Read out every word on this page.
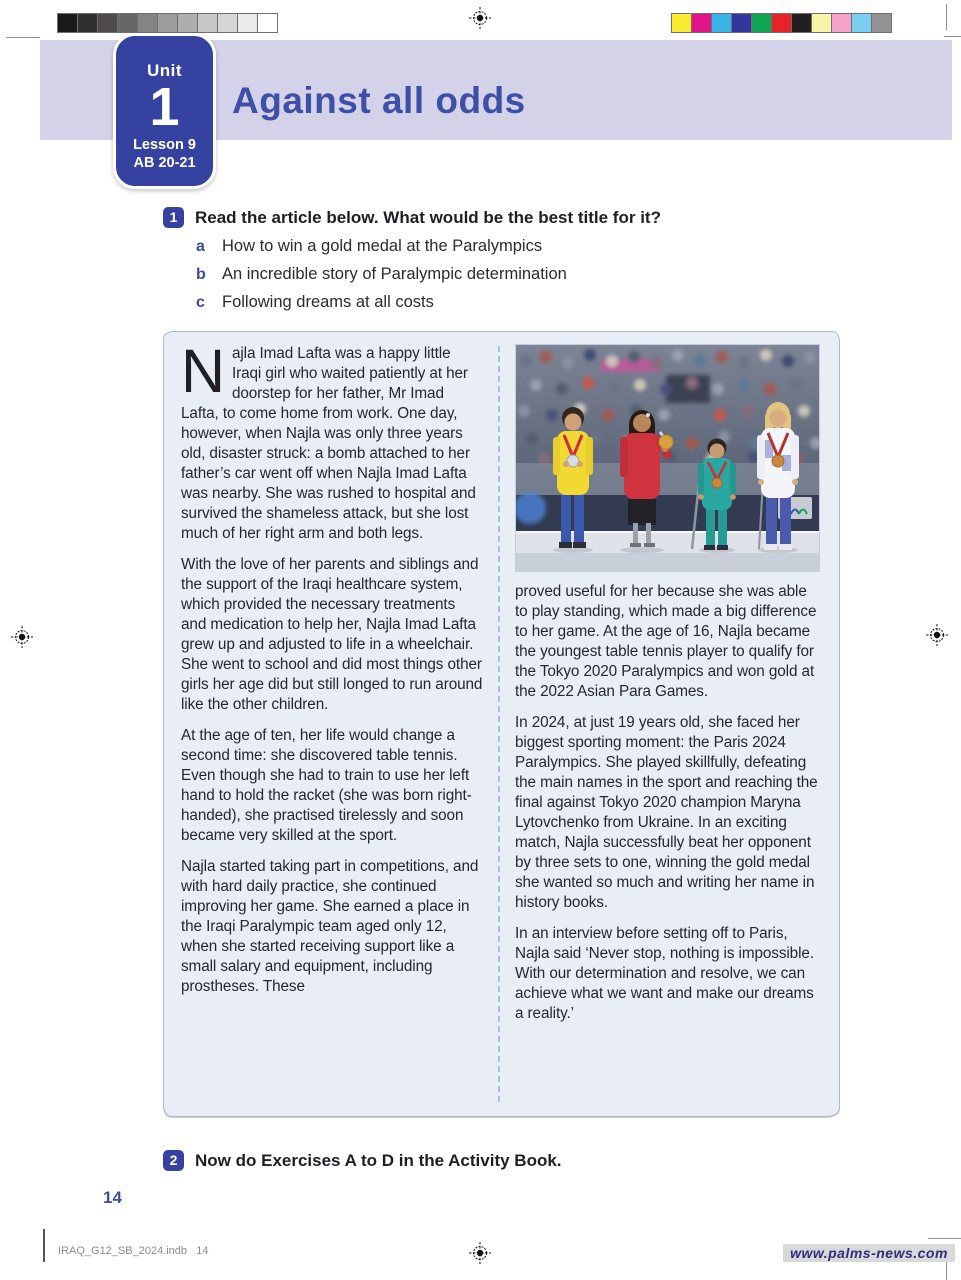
Unit
1
Lesson 9
AB 20-21
Against all odds
1	Read the article below. What would be the best title for it?
a	How to win a gold medal at the Paralympics
b An incredible story of Paralympic determination
c	Following dreams at all costs

Najla Imad Lafta was a happy little Iraqi girl who waited patiently at her doorstep for her father, Mr Imad Lafta, to come home from work. One day, however, when Najla was only three years old, disaster struck: a bomb attached to her father’s car went off when Najla Imad Lafta was nearby. She was rushed to hospital and survived the shameless attack, but she lost much of her right arm and both legs.

With the love of her parents and siblings and the support of the Iraqi healthcare system, which provided the necessary treatments and medication to help her, Najla Imad Lafta grew up and adjusted to life in a wheelchair. She went to school and did most things other girls her age did but still longed to run around like the other children.

At the age of ten, her life would change a second time: she discovered table tennis. Even though she had to train to use her left hand to hold the racket (she was born right-handed), she practised tirelessly and soon became very skilled at the sport.

Najla started taking part in competitions, and with hard daily practice, she continued improving her game. She earned a place in the Iraqi Paralympic team aged only 12, when she started receiving support like a small salary and equipment, including prostheses. These

proved useful for her because she was able to play standing, which made a big difference to her game. At the age of 16, Najla became the youngest table tennis player to qualify for the Tokyo 2020 Paralympics and won gold at the 2022 Asian Para Games.

In 2024, at just 19 years old, she faced her biggest sporting moment: the Paris 2024 Paralympics. She played skillfully, defeating the main names in the sport and reaching the final against Tokyo 2020 champion Maryna Lytovchenko from Ukraine. In an exciting match, Najla successfully beat her opponent by three sets to one, winning the gold medal she wanted so much and writing her name in history books.

In an interview before setting off to Paris, Najla said ‘Never stop, nothing is impossible. With our determination and resolve, we can achieve what we want and make our dreams a reality.’

2	Now do Exercises A to D in the Activity Book.
14
IRAQ_G12_SB_2024.indb   14	www.palms-news.com
